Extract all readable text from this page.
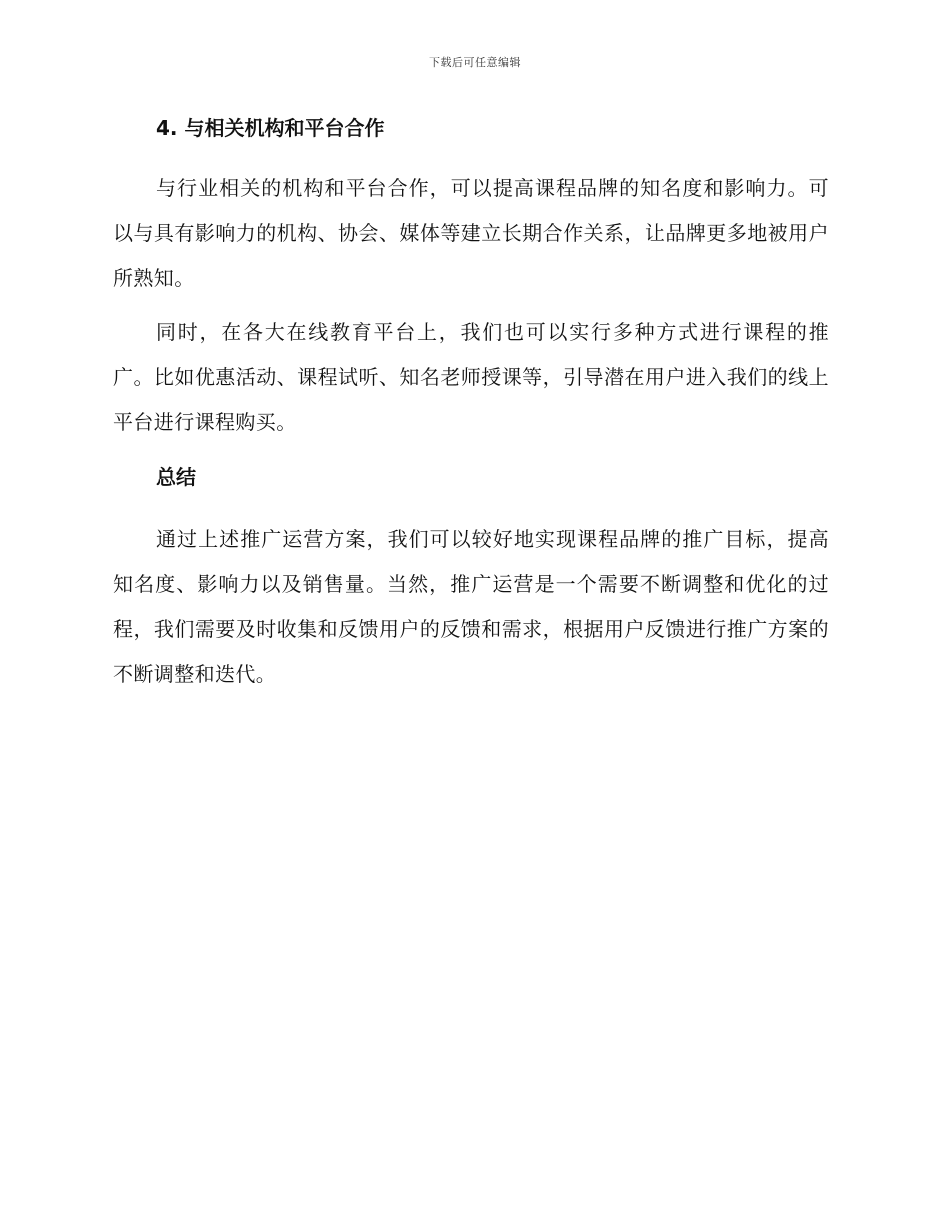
下载后可任意编辑
4. 与相关机构和平台合作

与行业相关的机构和平台合作，可以提高课程品牌的知名度和影响力。可以与具有影响力的机构、协会、媒体等建立长期合作关系，让品牌更多地被用户所熟知。

同时，在各大在线教育平台上，我们也可以实行多种方式进行课程的推广。比如优惠活动、课程试听、知名老师授课等，引导潜在用户进入我们的线上平台进行课程购买。

总结

通过上述推广运营方案，我们可以较好地实现课程品牌的推广目标，提高知名度、影响力以及销售量。当然，推广运营是一个需要不断调整和优化的过程，我们需要及时收集和反馈用户的反馈和需求，根据用户反馈进行推广方案的不断调整和迭代。
